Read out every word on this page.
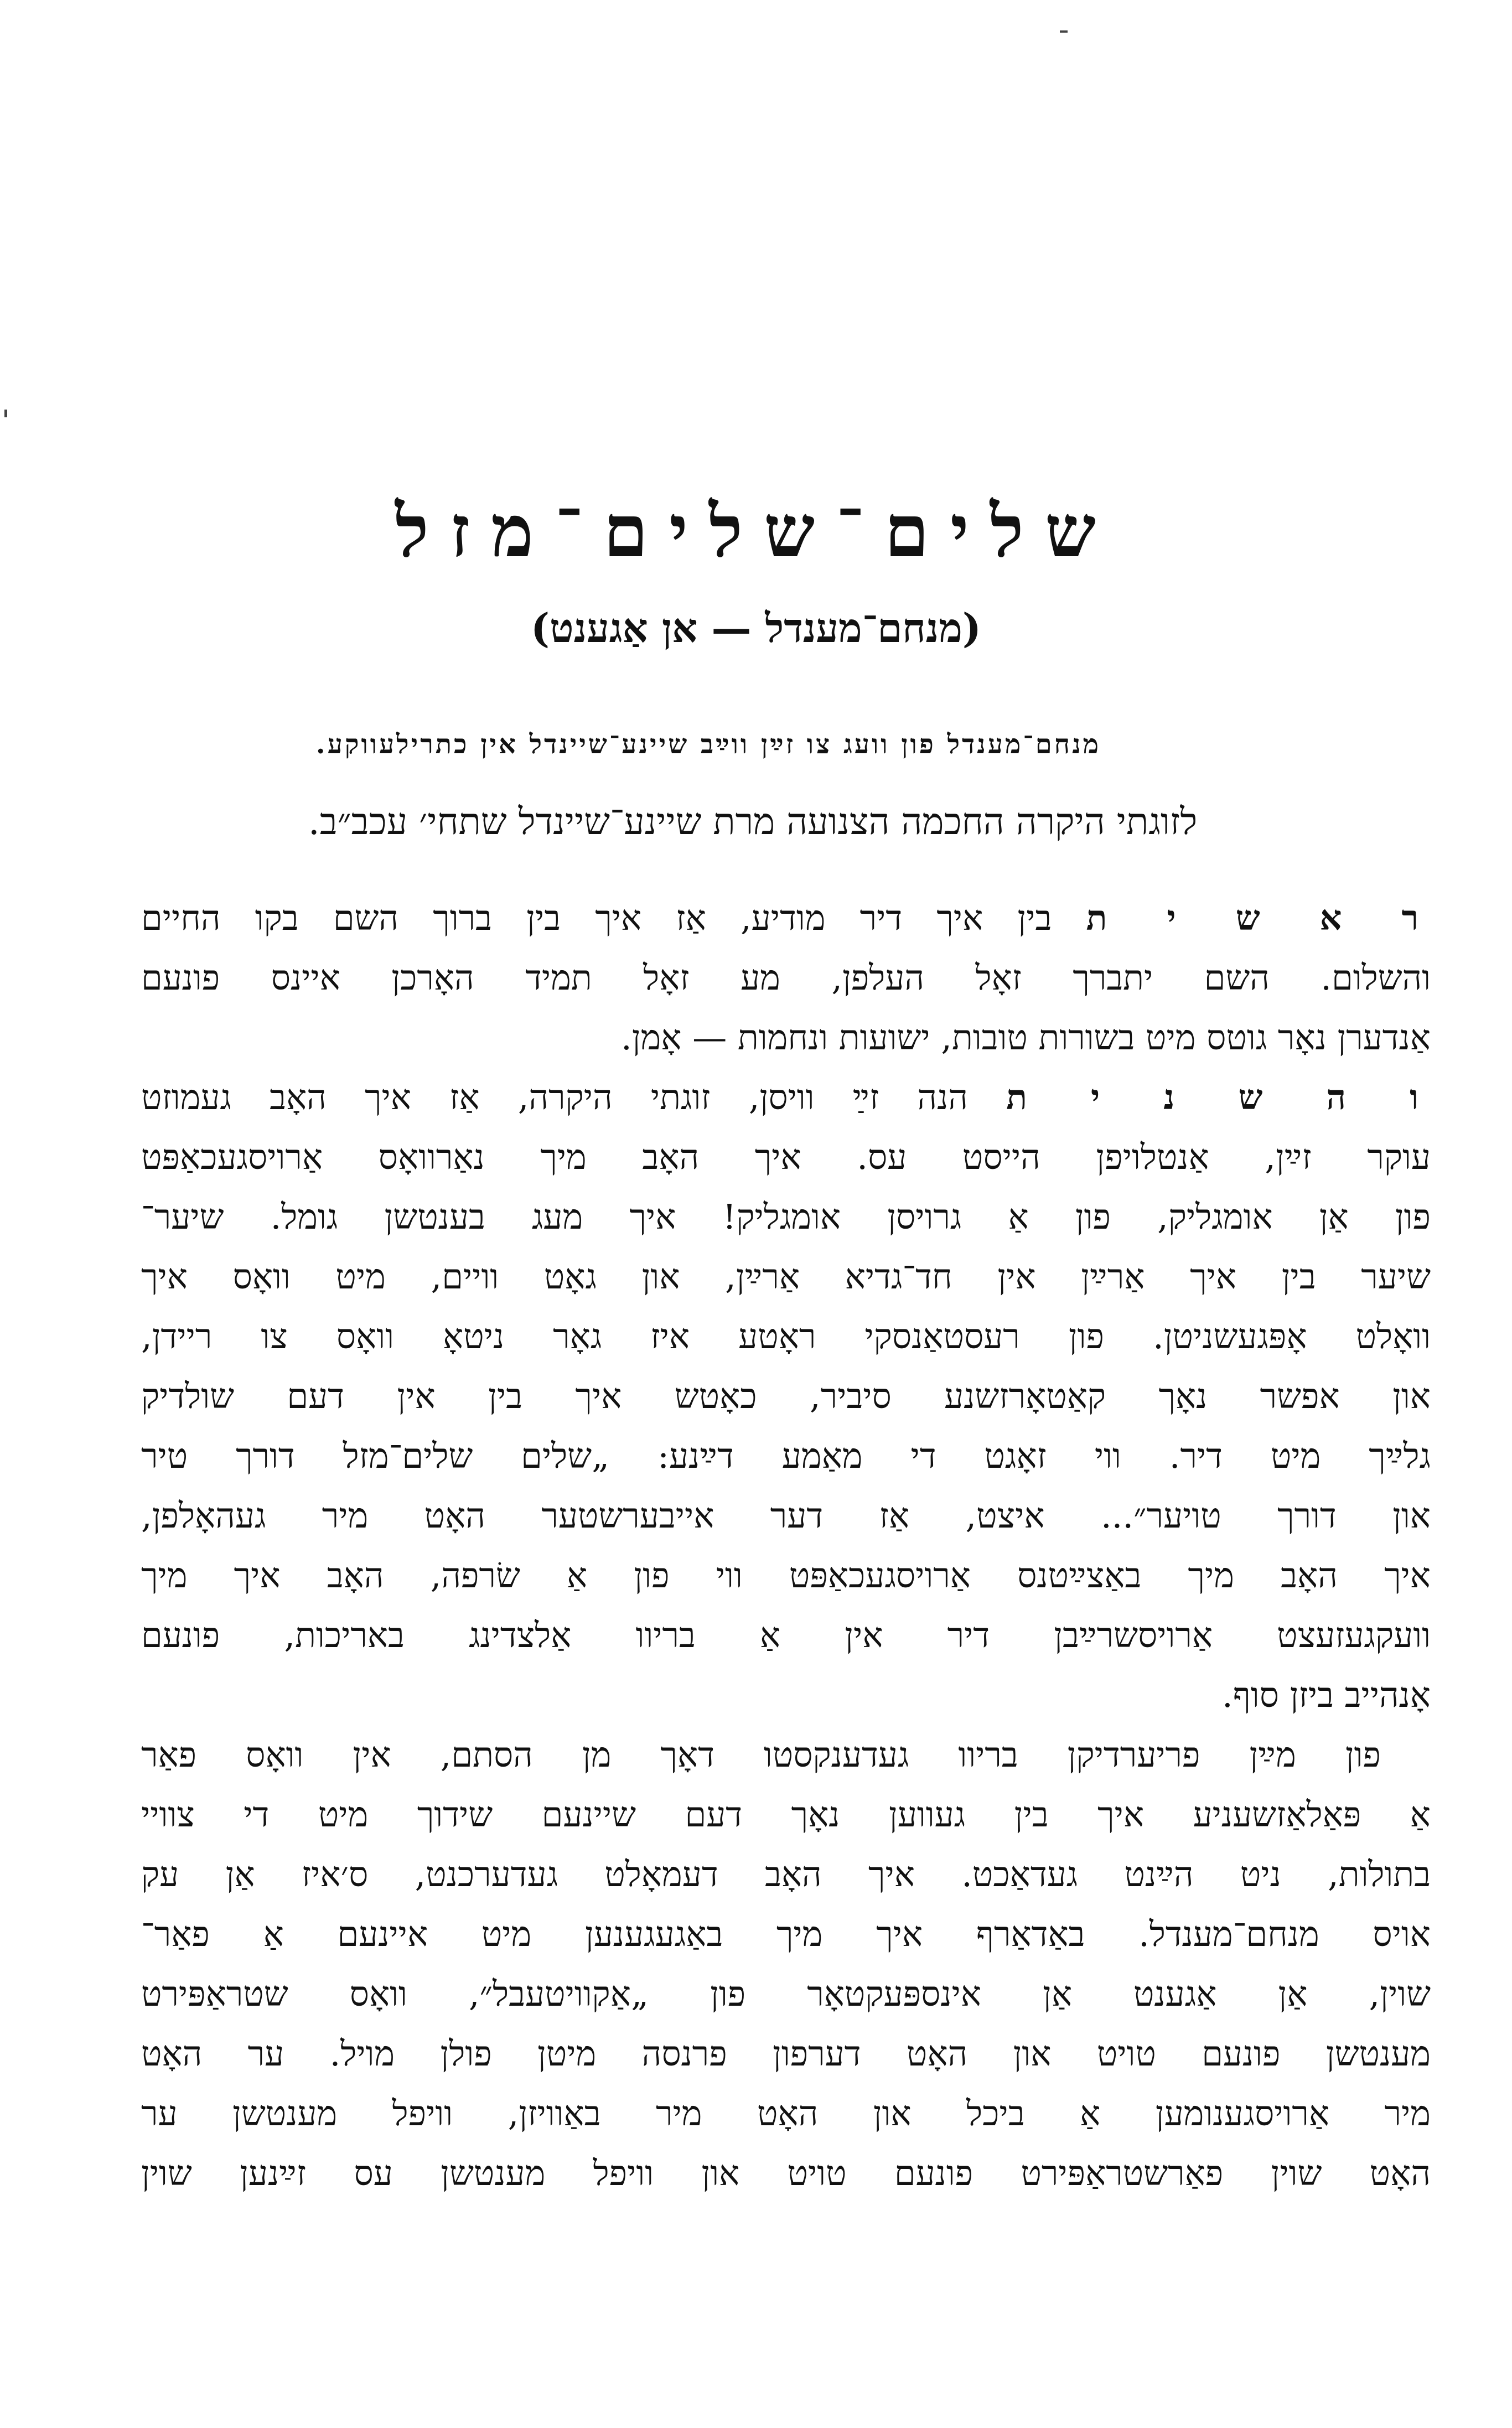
שלים־שלים־מזל
(מנחם־מענדל — אן אַגענט)
מנחם־מענדל פון וועג צו זײַן ווײַב שיינע־שיינדל אין כתרילעווקע.
לזוגתי היקרה החכמה הצנועה מרת שיינע־שיינדל שתחי׳ עכב״ב.
ר א ש י ת בין איך דיר מודיע, אַז איך בין ברוך השם בקו החיים
והשלום. השם יתברך זאָל העלפן, מע זאָל תמיד האָרכן איינס פונעם
אַנדערן נאָר גוטס מיט בשורות טובות, ישועות ונחמות — אָמן.
ו ה ש נ י ת הנה זײַ וויסן, זוגתי היקרה, אַז איך האָב געמוזט
עוקר זײַן, אַנטלויפן הייסט עס. איך האָב מיך נאַרוואָס אַרויסגעכאַפּט
פון אַן אומגליק, פון אַ גרויסן אומגליק! איך מעג בענטשן גומל. שיער־
שיער בין איך אַרײַן אין חד־גדיא אַרײַן, און גאָט וויים, מיט וואָס איך
וואָלט אָפּגעשניטן. פון רעסטאַנסקי ראָטע איז גאָר ניטאָ וואָס צו ריידן,
און אפשר נאָך קאַטאָרזשנע סיביר, כאָטש איך בין אין דעם שולדיק
גלײַך מיט דיר. ווי זאָגט די מאַמע דײַנע: „שלים שלים־מזל דורך טיר
און דורך טויער״... איצט, אַז דער אייבערשטער האָט מיר געהאָלפן,
איך האָב מיך באַצײַטנס אַרויסגעכאַפּט ווי פון אַ שׂרפה, האָב איך מיך
וועקגעזעצט אַרויסשרײַבן דיר אין אַ בריוו אַלצדינג באריכות, פונעם
אָנהייב ביזן סוף.
פון מײַן פריערדיקן בריוו געדענקסטו דאָך מן הסתם, אין וואָס פאַר
אַ פּאַלאַזשעניע איך בין געווען נאָך דעם שיינעם שידוך מיט די צוויי
בתולות, ניט הײַנט געדאַכט. איך האָב דעמאָלט געדערכנט, ס׳איז אַן עק
אויס מנחם־מענדל. באַדאַרף איך מיך באַגעגענען מיט איינעם אַ פאַר־
שוין, אַן אַגענט אַן אינספּעקטאָר פון „אַקוויטעבל״, וואָס שטראַפּירט
מענטשן פונעם טויט און האָט דערפון פרנסה מיטן פולן מויל. ער האָט
מיר אַרויסגענומען אַ ביכל און האָט מיר באַוויזן, וויפל מענטשן ער
האָט שוין פאַרשטראַפּירט פונעם טויט און וויפל מענטשן עס זײַנען שוין
